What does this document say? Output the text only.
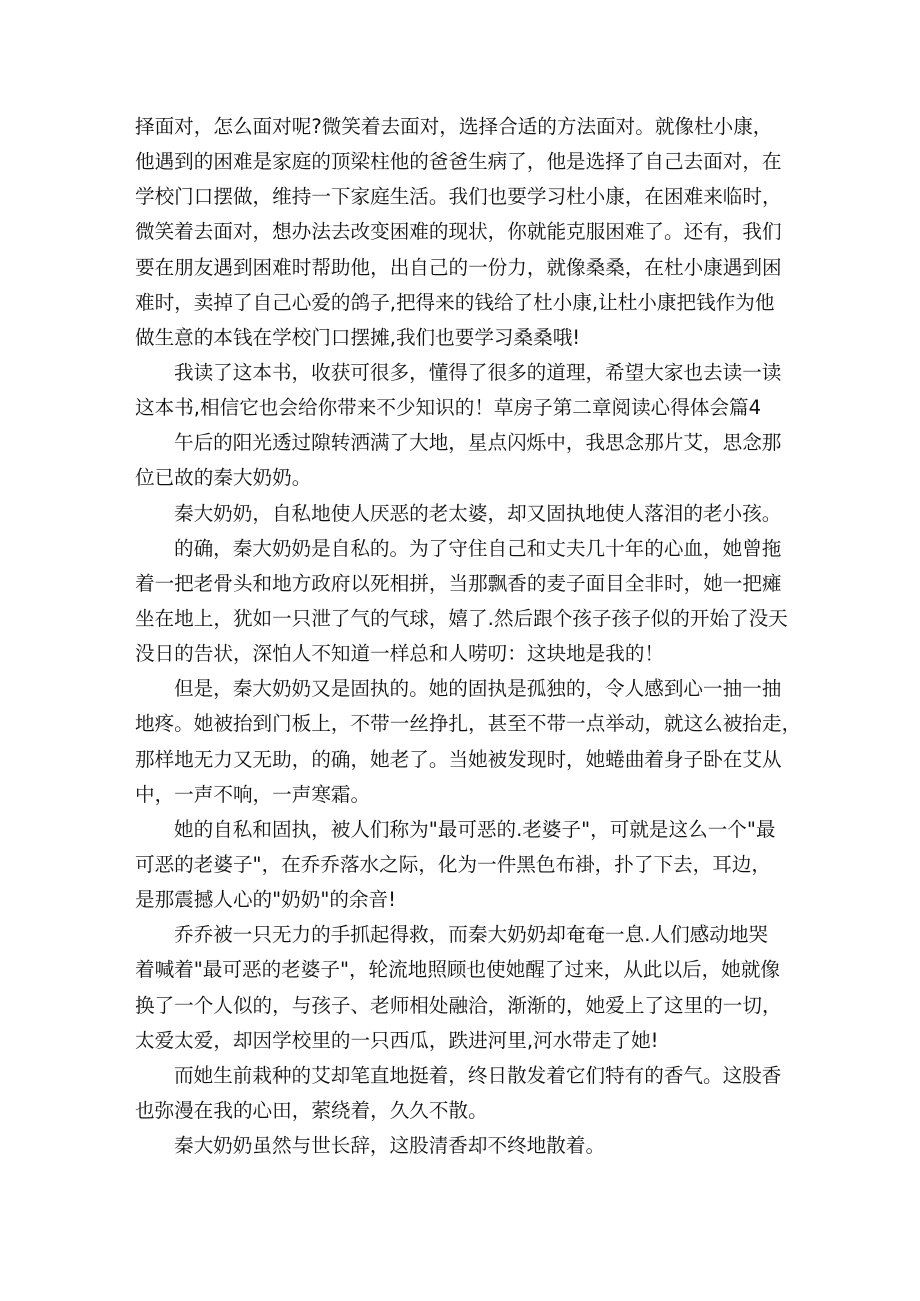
择面对，怎么面对呢?微笑着去面对，选择合适的方法面对。就像杜小康，
他遇到的困难是家庭的顶梁柱他的爸爸生病了，他是选择了自己去面对，在
学校门口摆做，维持一下家庭生活。我们也要学习杜小康，在困难来临时，
微笑着去面对，想办法去改变困难的现状，你就能克服困难了。还有，我们
要在朋友遇到困难时帮助他，出自己的一份力，就像桑桑，在杜小康遇到困
难时，卖掉了自己心爱的鸽子,把得来的钱给了杜小康,让杜小康把钱作为他
做生意的本钱在学校门口摆摊,我们也要学习桑桑哦!
我读了这本书，收获可很多，懂得了很多的道理，希望大家也去读一读
这本书,相信它也会给你带来不少知识的！草房子第二章阅读心得体会篇4
午后的阳光透过隙转洒满了大地，星点闪烁中，我思念那片艾，思念那
位已故的秦大奶奶。
秦大奶奶，自私地使人厌恶的老太婆，却又固执地使人落泪的老小孩。
的确，秦大奶奶是自私的。为了守住自己和丈夫几十年的心血，她曾拖
着一把老骨头和地方政府以死相拼，当那飘香的麦子面目全非时，她一把瘫
坐在地上，犹如一只泄了气的气球，嬉了.然后跟个孩子孩子似的开始了没天
没日的告状，深怕人不知道一样总和人唠叨：这块地是我的！
但是，秦大奶奶又是固执的。她的固执是孤独的，令人感到心一抽一抽
地疼。她被抬到门板上，不带一丝挣扎，甚至不带一点举动，就这么被抬走，
那样地无力又无助，的确，她老了。当她被发现时，她蜷曲着身子卧在艾从
中，一声不响，一声寒霜。
她的自私和固执，被人们称为"最可恶的.老婆子"，可就是这么一个"最
可恶的老婆子"，在乔乔落水之际，化为一件黑色布褂，扑了下去，耳边，
是那震撼人心的"奶奶"的余音!
乔乔被一只无力的手抓起得救，而秦大奶奶却奄奄一息.人们感动地哭
着喊着"最可恶的老婆子"，轮流地照顾也使她醒了过来，从此以后，她就像
换了一个人似的，与孩子、老师相处融洽，渐渐的，她爱上了这里的一切，
太爱太爱，却因学校里的一只西瓜，跌进河里,河水带走了她!
而她生前栽种的艾却笔直地挺着，终日散发着它们特有的香气。这股香
也弥漫在我的心田，萦绕着，久久不散。
秦大奶奶虽然与世长辞，这股清香却不终地散着。
